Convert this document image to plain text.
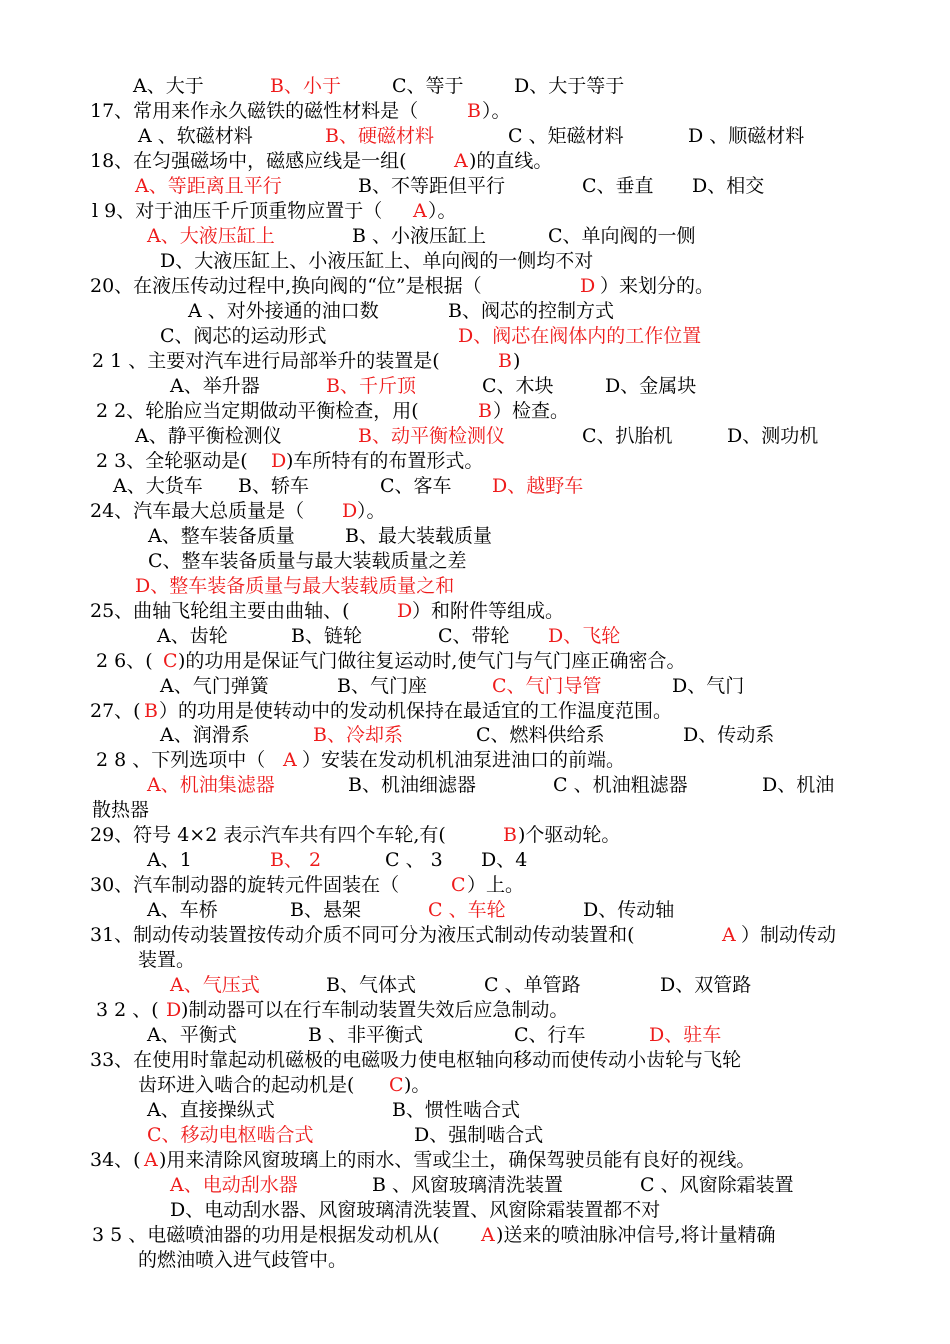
A、大于	B、小于	C、等于	D、大于等于
17、常用来作永久磁铁的磁性材料是（	B ）。
A 、软磁材料	B、硬磁材料	C 、矩磁材料	D 、顺磁材料
18、在匀强磁场中，磁感应线是一组( A )的直线。
A、等距离且平行	B、不等距但平行	C、垂直 D、相交
l 9、对于油压千斤顶重物应置于（ A ）。
A、大液压缸上	B 、小液压缸上	C、单向阀的一侧
D、大液压缸上、小液压缸上、单向阀的一侧均不对
20、在液压传动过程中,换向阀的“位”是根据（	D ）来划分的。
A 、对外接通的油口数	B、阀芯的控制方式
C、阀芯的运动形式	D、阀芯在阀体内的工作位置
2 1 、主要对汽车进行局部举升的装置是(	B )
A、举升器	B、千斤顶	C、木块	D、金属块
2 2、轮胎应当定期做动平衡检查，用(	B ）检查。
A、静平衡检测仪	B、动平衡检测仪	C、扒胎机	D、测功机
2 3、全轮驱动是( D )车所特有的布置形式。
A、大货车 B、轿车	C、客车 D、越野车
24、汽车最大总质量是（ D ）。
A、整车装备质量	B、最大装载质量
C、整车装备质量与最大装载质量之差
D、整车装备质量与最大装载质量之和
25、曲轴飞轮组主要由曲轴、( D ）和附件等组成。
A、齿轮	B、链轮	C、带轮 D、飞轮
2 6、( C )的功用是保证气门做往复运动时,使气门与气门座正确密合。
A、气门弹簧	B、气门座	C、气门导管	D、气门
27、( B ）的功用是使转动中的发动机保持在最适宜的工作温度范围。
A、润滑系	B、冷却系	C、燃料供给系	D、传动系
2 8 、下列选项中（ A ）安装在发动机机油泵进油口的前端。
A、机油集滤器	B、机油细滤器	C 、机油粗滤器	D、机油
散热器
29、符号 4×2 表示汽车共有四个车轮,有(	B )个驱动轮。
A、1	B、 2	C 、 3 D、4
30、汽车制动器的旋转元件固装在（	C ）上。
A、车桥	B、悬架	C 、车轮	D、传动轴
31、制动传动装置按传动介质不同可分为液压式制动传动装置和(	A ）制动传动
装置。
A、气压式	B、气体式	C 、单管路	D、双管路
3 2 、( D )制动器可以在行车制动装置失效后应急制动。
A、平衡式	B 、非平衡式	C、行车	D、驻车
33、在使用时靠起动机磁极的电磁吸力使电枢轴向移动而使传动小齿轮与飞轮
齿环进入啮合的起动机是( C )。
A、直接操纵式	B、惯性啮合式
C、移动电枢啮合式	D、强制啮合式
34、( A )用来清除风窗玻璃上的雨水、雪或尘土，确保驾驶员能有良好的视线。
A、电动刮水器	B 、风窗玻璃清洗装置	C 、风窗除霜装置
D、电动刮水器、风窗玻璃清洗装置、风窗除霜装置都不对
3 5 、电磁喷油器的功用是根据发动机从( A )送来的喷油脉冲信号,将计量精确
的燃油喷入进气歧管中。
